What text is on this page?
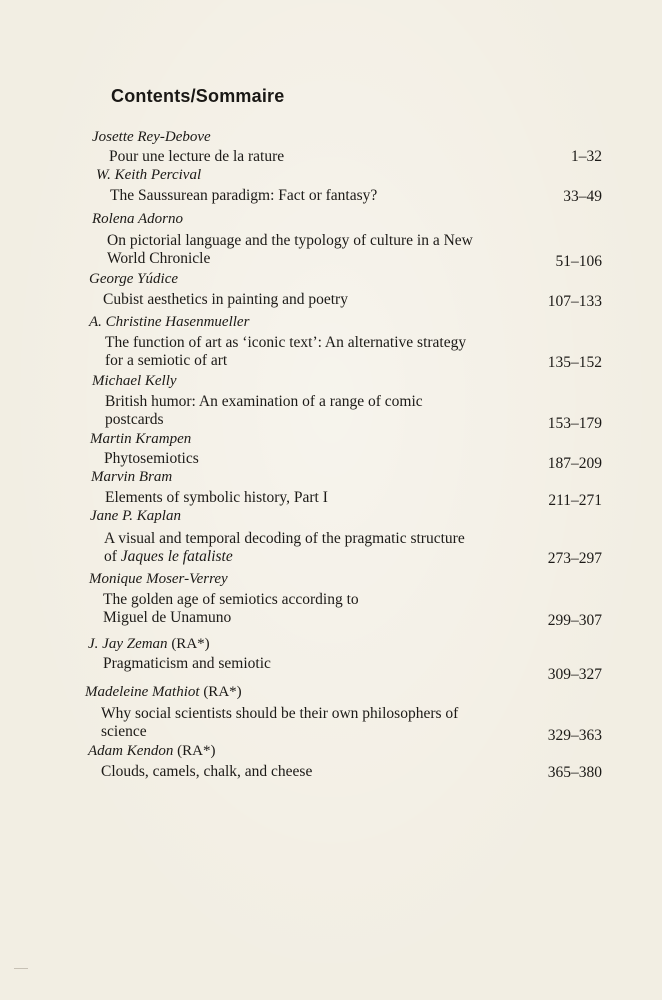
Contents/Sommaire
Josette Rey-Debove
Pour une lecture de la rature	1–32
W. Keith Percival
The Saussurean paradigm: Fact or fantasy?	33–49
Rolena Adorno
On pictorial language and the typology of culture in a New
World Chronicle	51–106
George Yúdice
Cubist aesthetics in painting and poetry	107–133
A. Christine Hasenmueller
The function of art as ‘iconic text’: An alternative strategy
for a semiotic of art	135–152
Michael Kelly
British humor: An examination of a range of comic
postcards	153–179
Martin Krampen
Phytosemiotics	187–209
Marvin Bram
Elements of symbolic history, Part I	211–271
Jane P. Kaplan
A visual and temporal decoding of the pragmatic structure
of Jaques le fataliste	273–297
Monique Moser-Verrey
The golden age of semiotics according to
Miguel de Unamuno	299–307
J. Jay Zeman (RA*)
Pragmaticism and semiotic
309–327
Madeleine Mathiot (RA*)
Why social scientists should be their own philosophers of
science	329–363
Adam Kendon (RA*)
Clouds, camels, chalk, and cheese	365–380
